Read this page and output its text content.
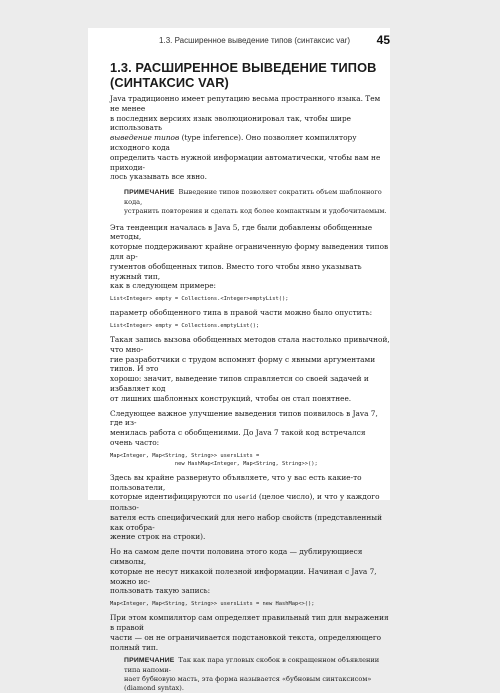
1.3. Расширенное выведение типов (синтаксис var) 45
1.3. РАСШИРЕННОЕ ВЫВЕДЕНИЕ ТИПОВ
(СИНТАКСИС VAR)

Java традиционно имеет репутацию весьма пространного языка. Тем не менее
в последних версиях язык эволюционировал так, чтобы шире использовать
выведение типов (type inference). Оно позволяет компилятору исходного кода
определить часть нужной информации автоматически, чтобы вам не приходи-
лось указывать все явно.

ПРИМЕЧАНИЕ Выведение типов позволяет сократить объем шаблонного кода,
устранить повторения и сделать код более компактным и удобочитаемым.

Эта тенденция началась в Java 5, где были добавлены обобщенные методы,
которые поддерживают крайне ограниченную форму выведения типов для ар-
гументов обобщенных типов. Вместо того чтобы явно указывать нужный тип,
как в следующем примере:

List<Integer> empty = Collections.<Integer>emptyList();

параметр обобщенного типа в правой части можно было опустить:

List<Integer> empty = Collections.emptyList();

Такая запись вызова обобщенных методов стала настолько привычной, что мно-
гие разработчики с трудом вспомнят форму с явными аргументами типов. И это
хорошо: значит, выведение типов справляется со своей задачей и избавляет код
от лишних шаблонных конструкций, чтобы он стал понятнее.

Следующее важное улучшение выведения типов появилось в Java 7, где из-
менилась работа с обобщениями. До Java 7 такой код встречался очень часто:

Map<Integer, Map<String, String>> usersLists =
new HashMap<Integer, Map<String, String>>();

Здесь вы крайне развернуто объявляете, что у вас есть какие-то пользователи,
которые идентифицируются по userid (целое число), и что у каждого пользо-
вателя есть специфический для него набор свойств (представленный как отобра-
жение строк на строки).

Но на самом деле почти половина этого кода — дублирующиеся символы,
которые не несут никакой полезной информации. Начиная с Java 7, можно ис-
пользовать такую запись:

Map<Integer, Map<String, String>> usersLists = new HashMap<>();

При этом компилятор сам определяет правильный тип для выражения в правой
части — он не ограничивается подстановкой текста, определяющего полный тип.

ПРИМЕЧАНИЕ Так как пара угловых скобок в сокращенном объявлении типа напоми-
нает бубновую масть, эта форма называется «бубновым синтаксисом» (diamond syntax).
